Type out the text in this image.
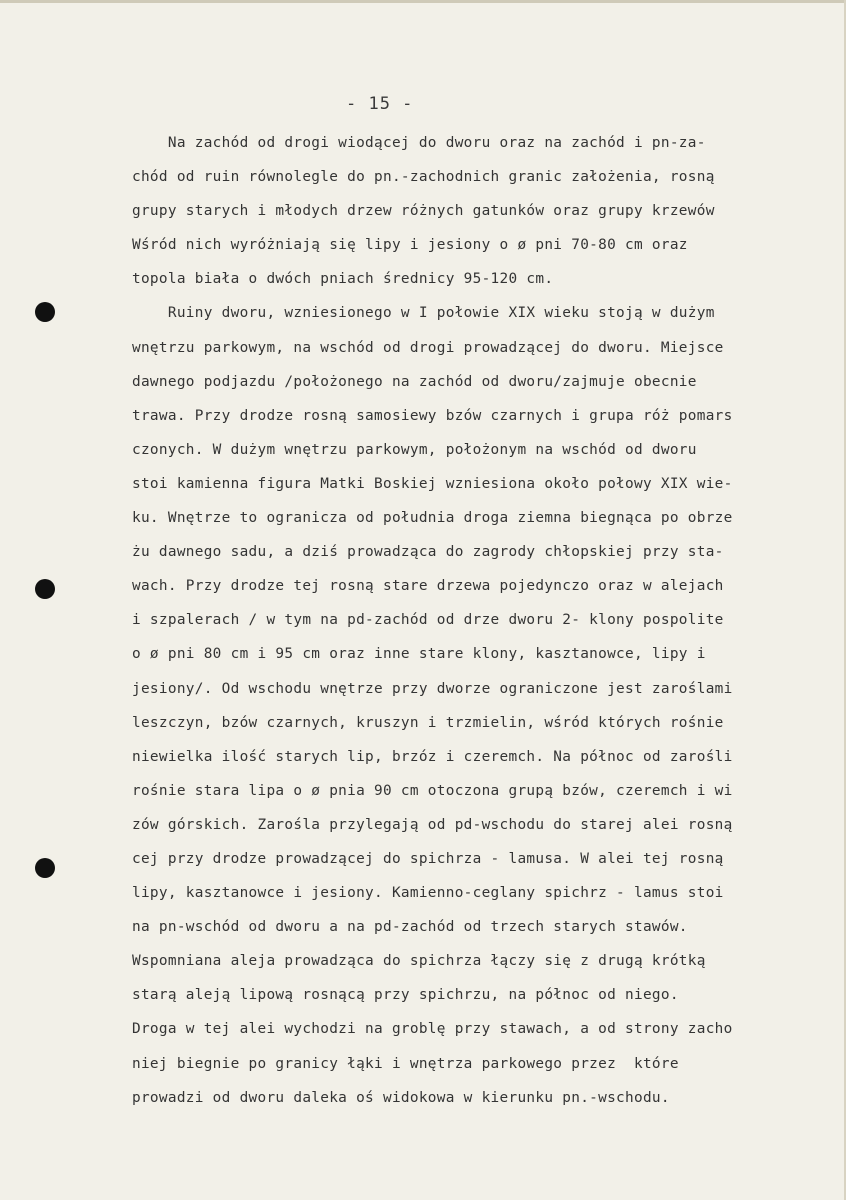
- 15 -
Na zachód od drogi wiodącej do dworu oraz na zachód i pn-za-
chód od ruin równolegle do pn.-zachodnich granic założenia, rosną
grupy starych i młodych drzew różnych gatunków oraz grupy krzewów
Wśród nich wyróżniają się lipy i jesiony o ø pni 70-80 cm oraz
topola biała o dwóch pniach średnicy 95-120 cm.
Ruiny dworu, wzniesionego w I połowie XIX wieku stoją w dużym
wnętrzu parkowym, na wschód od drogi prowadzącej do dworu. Miejsce
dawnego podjazdu /położonego na zachód od dworu/zajmuje obecnie
trawa. Przy drodze rosną samosiewy bzów czarnych i grupa róż pomars
czonych. W dużym wnętrzu parkowym, położonym na wschód od dworu
stoi kamienna figura Matki Boskiej wzniesiona około połowy XIX wie-
ku. Wnętrze to ogranicza od południa droga ziemna biegnąca po obrze
żu dawnego sadu, a dziś prowadząca do zagrody chłopskiej przy sta-
wach. Przy drodze tej rosną stare drzewa pojedynczo oraz w alejach
i szpalerach / w tym na pd-zachód od drze dworu 2- klony pospolite
o ø pni 80 cm i 95 cm oraz inne stare klony, kasztanowce, lipy i
jesiony/. Od wschodu wnętrze przy dworze ograniczone jest zaroślami
leszczyn, bzów czarnych, kruszyn i trzmielin, wśród których rośnie
niewielka ilość starych lip, brzóz i czeremch. Na północ od zarośli
rośnie stara lipa o ø pnia 90 cm otoczona grupą bzów, czeremch i wi
zów górskich. Zarośla przylegają od pd-wschodu do starej alei rosną
cej przy drodze prowadzącej do spichrza - lamusa. W alei tej rosną
lipy, kasztanowce i jesiony. Kamienno-ceglany spichrz - lamus stoi
na pn-wschód od dworu a na pd-zachód od trzech starych stawów.
Wspomniana aleja prowadząca do spichrza łączy się z drugą krótką
starą aleją lipową rosnącą przy spichrzu, na północ od niego.
Droga w tej alei wychodzi na groblę przy stawach, a od strony zacho
niej biegnie po granicy łąki i wnętrza parkowego przez  które
prowadzi od dworu daleka oś widokowa w kierunku pn.-wschodu.
